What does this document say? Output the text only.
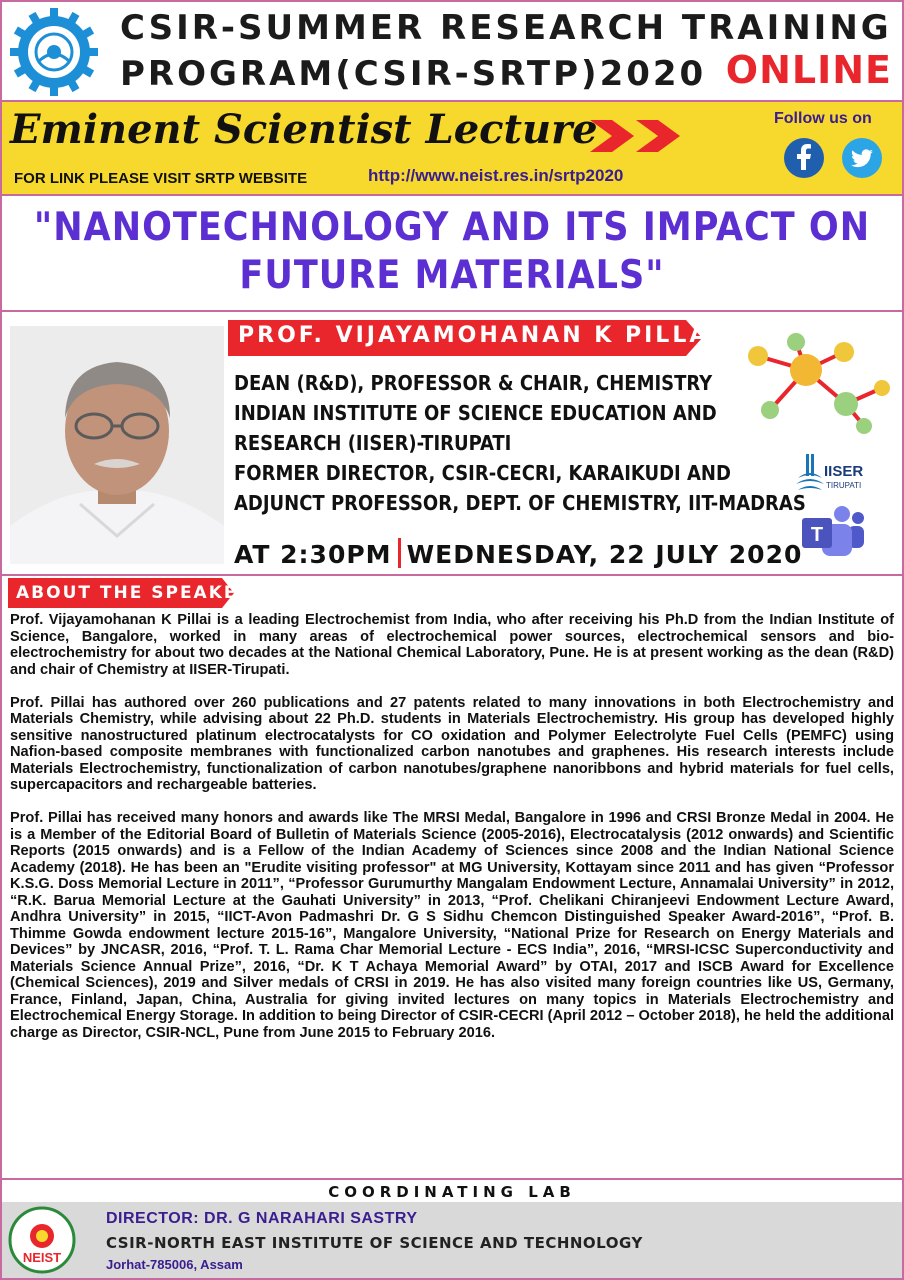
CSIR-SUMMER RESEARCH TRAINING
PROGRAM(CSIR-SRTP)2020 ONLINE
Eminent Scientist Lecture
FOR LINK PLEASE VISIT SRTP WEBSITE	http://www.neist.res.in/srtp2020
Follow us on
"NANOTECHNOLOGY AND ITS IMPACT ON FUTURE MATERIALS"
PROF. VIJAYAMOHANAN K PILLAI
DEAN (R&D), PROFESSOR & CHAIR, CHEMISTRY
INDIAN INSTITUTE OF SCIENCE EDUCATION AND
RESEARCH (IISER)-TIRUPATI
FORMER DIRECTOR, CSIR-CECRI, KARAIKUDI AND
ADJUNCT PROFESSOR, DEPT. OF CHEMISTRY, IIT-MADRAS
AT 2:30PM WEDNESDAY, 22 JULY 2020
IISER
TIRUPATI
T
ABOUT THE SPEAKER

Prof. Vijayamohanan K Pillai is a leading Electrochemist from India, who after receiving his Ph.D from the Indian Institute of Science, Bangalore, worked in many areas of electrochemical power sources, electrochemical sensors and bio-electrochemistry for about two decades at the National Chemical Laboratory, Pune. He is at present working as the dean (R&D) and chair of Chemistry at IISER-Tirupati.

Prof. Pillai has authored over 260 publications and 27 patents related to many innovations in both Electrochemistry and Materials Chemistry, while advising about 22 Ph.D. students in Materials Electrochemistry. His group has developed highly sensitive nanostructured platinum electrocatalysts for CO oxidation and Polymer Eelectrolyte Fuel Cells (PEMFC) using Nafion-based composite membranes with functionalized carbon nanotubes and graphenes. His research interests include Materials Electrochemistry, functionalization of carbon nanotubes/graphene nanoribbons and hybrid materials for fuel cells, supercapacitors and rechargeable batteries.

Prof. Pillai has received many honors and awards like The MRSI Medal, Bangalore in 1996 and CRSI Bronze Medal in 2004. He is a Member of the Editorial Board of Bulletin of Materials Science (2005-2016), Electrocatalysis (2012 onwards) and Scientific Reports (2015 onwards) and is a Fellow of the Indian Academy of Sciences since 2008 and the Indian National Science Academy (2018). He has been an "Erudite visiting professor" at MG University, Kottayam since 2011 and has given “Professor K.S.G. Doss Memorial Lecture in 2011”, “Professor Gurumurthy Mangalam Endowment Lecture, Annamalai University” in 2012, “R.K. Barua Memorial Lecture at the Gauhati University” in 2013, “Prof. Chelikani Chiranjeevi Endowment Lecture Award, Andhra University” in 2015, “IICT-Avon Padmashri Dr. G S Sidhu Chemcon Distinguished Speaker Award-2016”, “Prof. B. Thimme Gowda endowment lecture 2015-16”, Mangalore University, “National Prize for Research on Energy Materials and Devices” by JNCASR, 2016, “Prof. T. L. Rama Char Memorial Lecture - ECS India”, 2016, “MRSI-ICSC Superconductivity and Materials Science Annual Prize”, 2016, “Dr. K T Achaya Memorial Award” by OTAI, 2017 and ISCB Award for Excellence (Chemical Sciences), 2019 and Silver medals of CRSI in 2019. He has also visited many foreign countries like US, Germany, France, Finland, Japan, China, Australia for giving invited lectures on many topics in Materials Electrochemistry and Electrochemical Energy Storage. In addition to being Director of CSIR-CECRI (April 2012 – October 2018), he held the additional charge as Director, CSIR-NCL, Pune from June 2015 to February 2016.

COORDINATING LAB
NEIST
DIRECTOR: DR. G NARAHARI SASTRY
CSIR-NORTH EAST INSTITUTE OF SCIENCE AND TECHNOLOGY
Jorhat-785006, Assam
